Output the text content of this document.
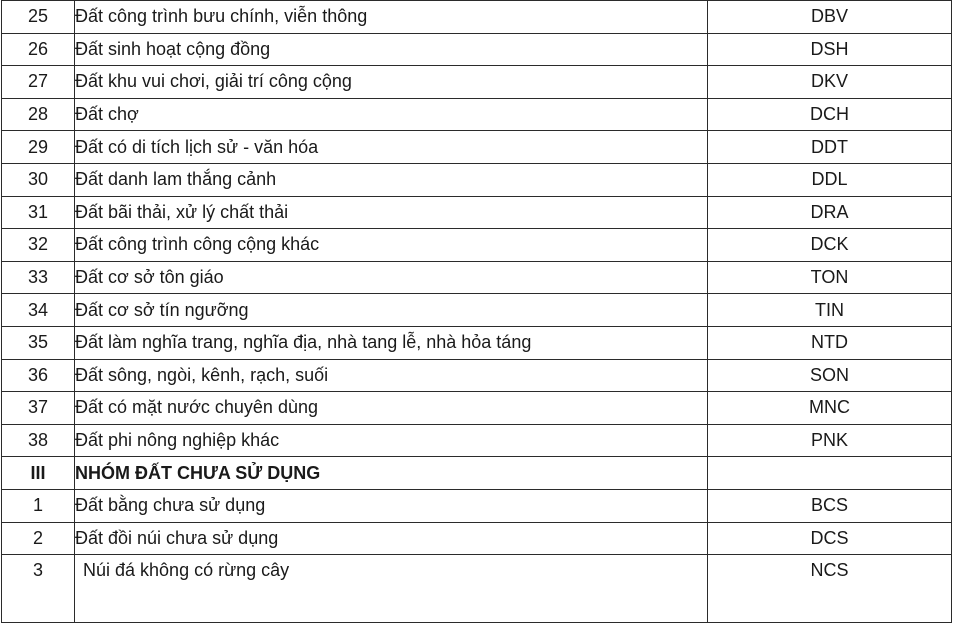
25	Đất công trình bưu chính, viễn thông	DBV
26	Đất sinh hoạt cộng đồng	DSH
27	Đất khu vui chơi, giải trí công cộng	DKV
28	Đất chợ	DCH
29	Đất có di tích lịch sử - văn hóa	DDT
30	Đất danh lam thắng cảnh	DDL
31	Đất bãi thải, xử lý chất thải	DRA
32	Đất công trình công cộng khác	DCK
33	Đất cơ sở tôn giáo	TON
34	Đất cơ sở tín ngưỡng	TIN
35	Đất làm nghĩa trang, nghĩa địa, nhà tang lễ, nhà hỏa táng	NTD
36	Đất sông, ngòi, kênh, rạch, suối	SON
37	Đất có mặt nước chuyên dùng	MNC
38	Đất phi nông nghiệp khác	PNK
III	NHÓM ĐẤT CHƯA SỬ DỤNG	
1	Đất bằng chưa sử dụng	BCS
2	Đất đồi núi chưa sử dụng	DCS
3	Núi đá không có rừng cây	NCS
